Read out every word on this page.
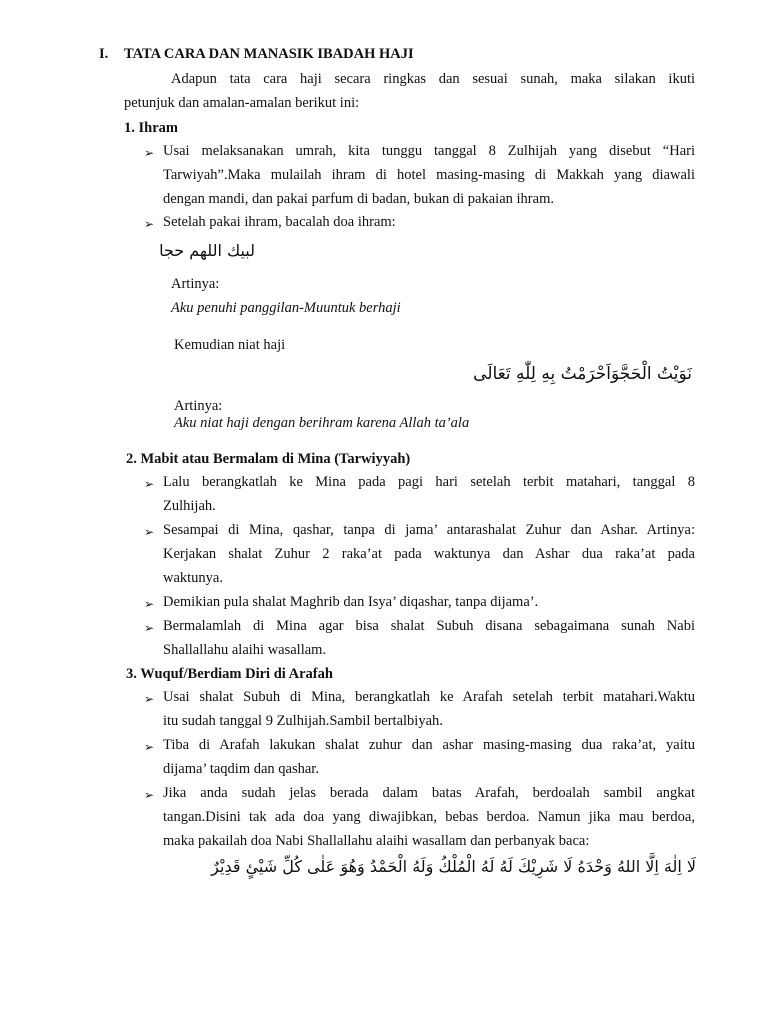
I. TATA CARA DAN MANASIK IBADAH HAJI
Adapun tata cara haji secara ringkas dan sesuai sunah, maka silakan ikuti
petunjuk dan amalan-amalan berikut ini:
1. Ihram
➢ Usai melaksanakan umrah, kita tunggu tanggal 8 Zulhijah yang disebut “Hari
Tarwiyah”.Maka mulailah ihram di hotel masing-masing di Makkah yang diawali
dengan mandi, dan pakai parfum di badan, bukan di pakaian ihram.
➢ Setelah pakai ihram, bacalah doa ihram:
لبيك اللهم حجا
Artinya:
Aku penuhi panggilan-Muuntuk berhaji
Kemudian niat haji
نَوَيْتُ الْحَجَّوَاَحْرَمْتُ بِهِ لِلّٰهِ تَعَالَى
Artinya:
Aku niat haji dengan berihram karena Allah ta’ala
2. Mabit atau Bermalam di Mina (Tarwiyyah)
➢ Lalu berangkatlah ke Mina pada pagi hari setelah terbit matahari, tanggal 8
Zulhijah.
➢ Sesampai di Mina, qashar, tanpa di jama’ antarashalat Zuhur dan Ashar. Artinya:
Kerjakan shalat Zuhur 2 raka’at pada waktunya dan Ashar dua raka’at pada
waktunya.
➢ Demikian pula shalat Maghrib dan Isya’ diqashar, tanpa dijama’.
➢ Bermalamlah di Mina agar bisa shalat Subuh disana sebagaimana sunah Nabi
Shallallahu alaihi wasallam.
3. Wuquf/Berdiam Diri di Arafah
➢ Usai shalat Subuh di Mina, berangkatlah ke Arafah setelah terbit matahari.Waktu
itu sudah tanggal 9 Zulhijah.Sambil bertalbiyah.
➢ Tiba di Arafah lakukan shalat zuhur dan ashar masing-masing dua raka’at, yaitu
dijama’ taqdim dan qashar.
➢ Jika anda sudah jelas berada dalam batas Arafah, berdoalah sambil angkat
tangan.Disini tak ada doa yang diwajibkan, bebas berdoa. Namun jika mau berdoa,
maka pakailah doa Nabi Shallallahu alaihi wasallam dan perbanyak baca:
لَا اِلٰهَ اِلَّا اللهُ وَحْدَهُ لَا شَرِيْكَ لَهُ لَهُ الْمُلْكُ وَلَهُ الْحَمْدُ وَهُوَ عَلٰى كُلِّ شَيْئٍ قَدِيْرٌ
